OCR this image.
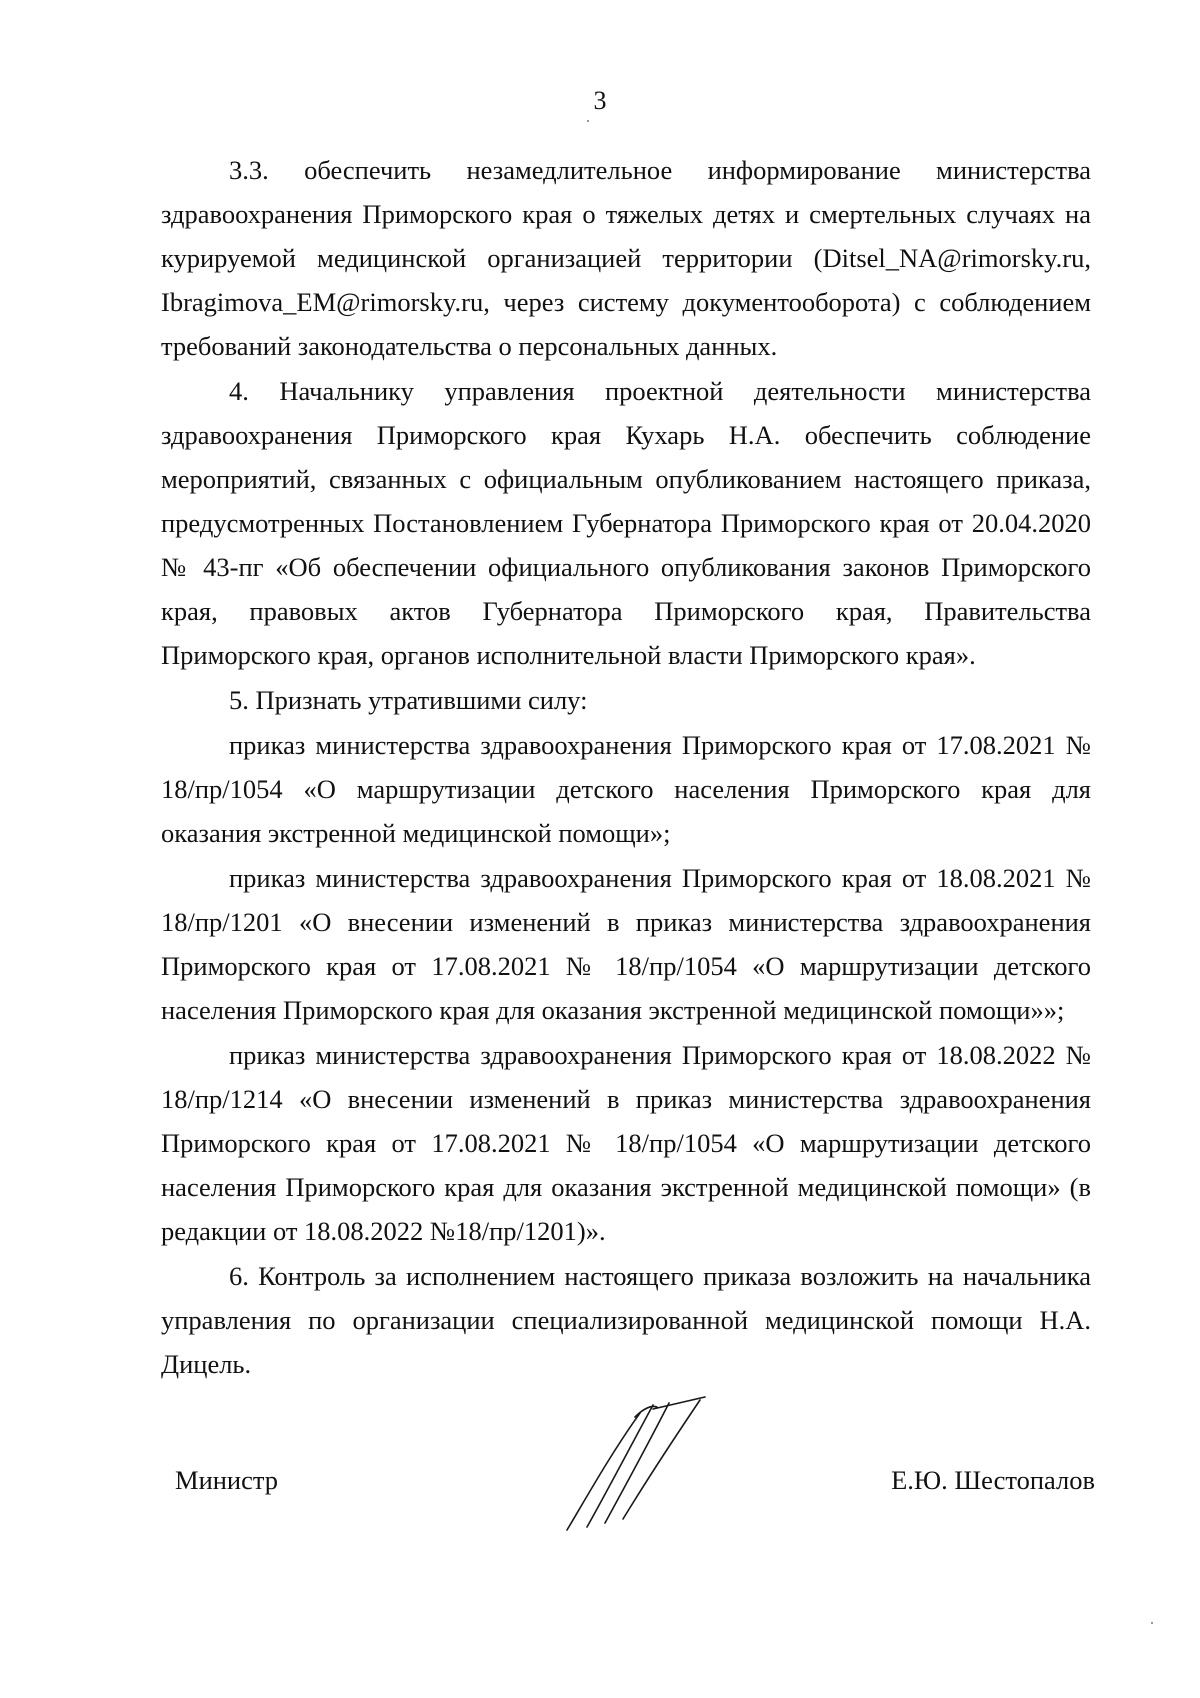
3

3.3. обеспечить незамедлительное информирование министерства здравоохранения Приморского края о тяжелых детях и смертельных случаях на курируемой медицинской организацией территории (Ditsel_NA@rimorsky.ru, Ibragimova_EM@rimorsky.ru, через систему документооборота) с соблюдением требований законодательства о персональных данных.

4. Начальнику управления проектной деятельности министерства здравоохранения Приморского края Кухарь Н.А. обеспечить соблюдение мероприятий, связанных с официальным опубликованием настоящего приказа, предусмотренных Постановлением Губернатора Приморского края от 20.04.2020 № 43-пг «Об обеспечении официального опубликования законов Приморского края, правовых актов Губернатора Приморского края, Правительства Приморского края, органов исполнительной власти Приморского края».

5. Признать утратившими силу:

приказ министерства здравоохранения Приморского края от 17.08.2021 № 18/пр/1054 «О маршрутизации детского населения Приморского края для оказания экстренной медицинской помощи»;

приказ министерства здравоохранения Приморского края от 18.08.2021 № 18/пр/1201 «О внесении изменений в приказ министерства здравоохранения Приморского края от 17.08.2021 № 18/пр/1054 «О маршрутизации детского населения Приморского края для оказания экстренной медицинской помощи»»;

приказ министерства здравоохранения Приморского края от 18.08.2022 № 18/пр/1214 «О внесении изменений в приказ министерства здравоохранения Приморского края от 17.08.2021 № 18/пр/1054 «О маршрутизации детского населения Приморского края для оказания экстренной медицинской помощи» (в редакции от 18.08.2022 №18/пр/1201)».

6. Контроль за исполнением настоящего приказа возложить на начальника управления по организации специализированной медицинской помощи Н.А. Дицель.

Министр	Е.Ю. Шестопалов
